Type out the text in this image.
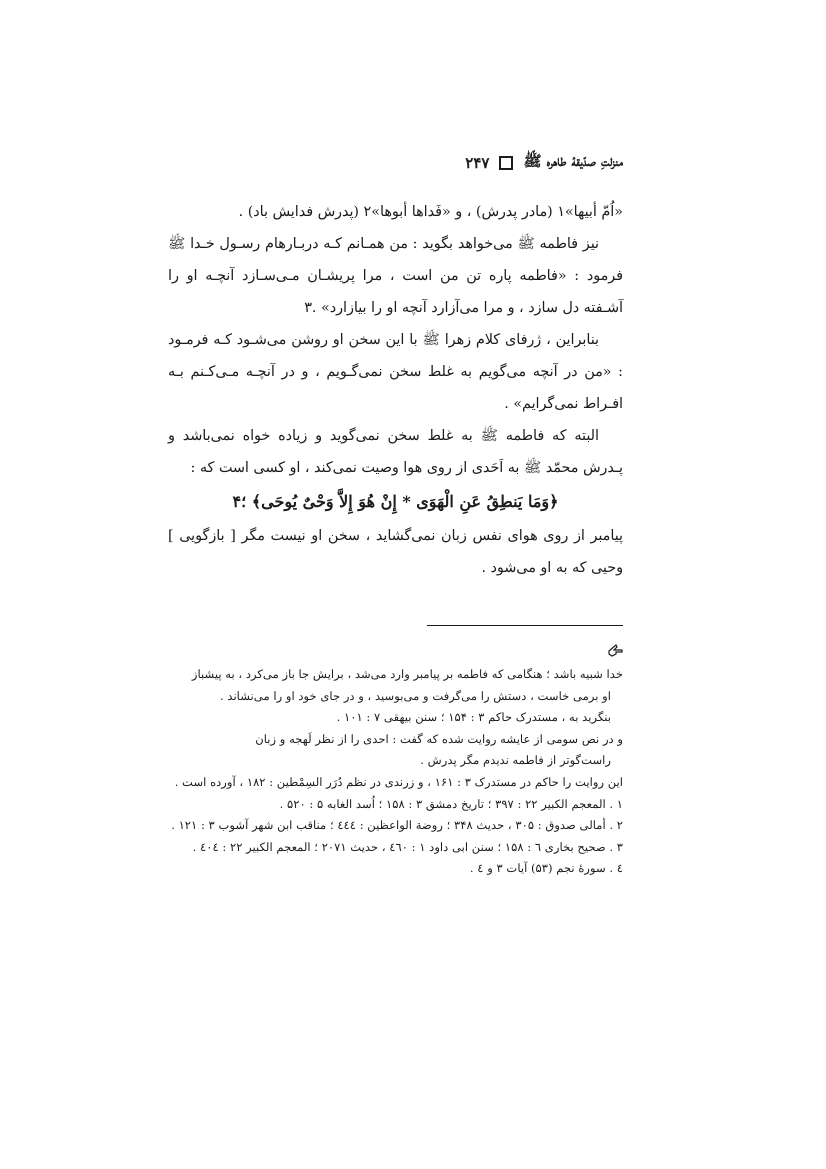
منزلتِ صدّیقهٔ طاهره ﷺ
۲۴۷

«اُمّ أبیها»۱ (مادر پدرش) ، و «فَداها أبوها»۲ (پدرش فدایش باد) .

نیز فاطمه ﷺ می‌خواهد بگوید : من همـانم کـه دربـارهام رسـول خـدا ﷺ فرمود : «فاطمه پاره تن من است ، مرا پریشـان مـی‌سـازد آنچـه او را آشـفته دل سازد ، و مرا می‌آزارد آنچه او را بیازارد» .۳

بنابراین ، ژرفای کلام زهرا ﷺ با این سخن او روشن می‌شـود کـه فرمـود : «من در آنچه می‌گویم به غلط سخن نمی‌گـویم ، و در آنچـه مـی‌کـنم بـه افـراط نمی‌گرایم» .

البته که فاطمه ﷺ به غلط سخن نمی‌گوید و زیاده خواه نمی‌باشد و پـدرش محمّد ﷺ به اَحَدی از روی هوا وصیت نمی‌کند ، او کسی است که :

﴿وَمَا یَنطِقُ عَنِ الْهَوَی * إِنْ هُوَ إِلاَّ وَحْیٌ یُوحَی﴾ ؛۴

پیامبر از روی هوای نفس زبان نمی‌گشاید ، سخن او نیست مگر [ بازگویی ] وحیی که به او می‌شود .

خدا شبیه باشد ؛ هنگامی که فاطمه بر پیامبر وارد می‌شد ، برایش جا باز می‌کرد ، به پیشباز

او برمی خاست ، دستش را می‌گرفت و می‌بوسید ، و در جای خود او را می‌نشاند .

بنگرید به ، مستدرک حاکم ۳ : ۱۵۴ ؛ سنن بیهقی ۷ : ۱۰۱ .

و در نص سومی از عایشه روایت شده که گفت : احدی را از نظر لَهجه و زبان

راست‌گوتر از فاطمه ندیدم مگر پدرش .

این روایت را حاکم در مستدرک ۳ : ۱۶۱ ، و زرندی در نظم دُرَر السِمْطین : ۱۸۲ ، آورده است .

۱ . المعجم الکبیر ۲۲ : ۳۹۷ ؛ تاریخ دمشق ۳ : ۱۵۸ ؛ اُسد الغابه ۵ : ۵۲۰ .

۲ . أمالی صدوق : ۳۰۵ ، حدیث ۳۴۸ ؛ روضة الواعظین : ٤٤٤ ؛ مناقب ابن شهر آشوب ۳ : ۱۲۱ .

۳ . صحیح بخاری ٦ : ۱۵۸ ؛ سنن ابی داود ۱ : ٤٦٠ ، حدیث ۲۰۷۱ ؛ المعجم الکبیر ۲۲ : ٤٠٤ .

٤ . سورهٔ نجم (۵۳) آیات ۳ و ٤ .
